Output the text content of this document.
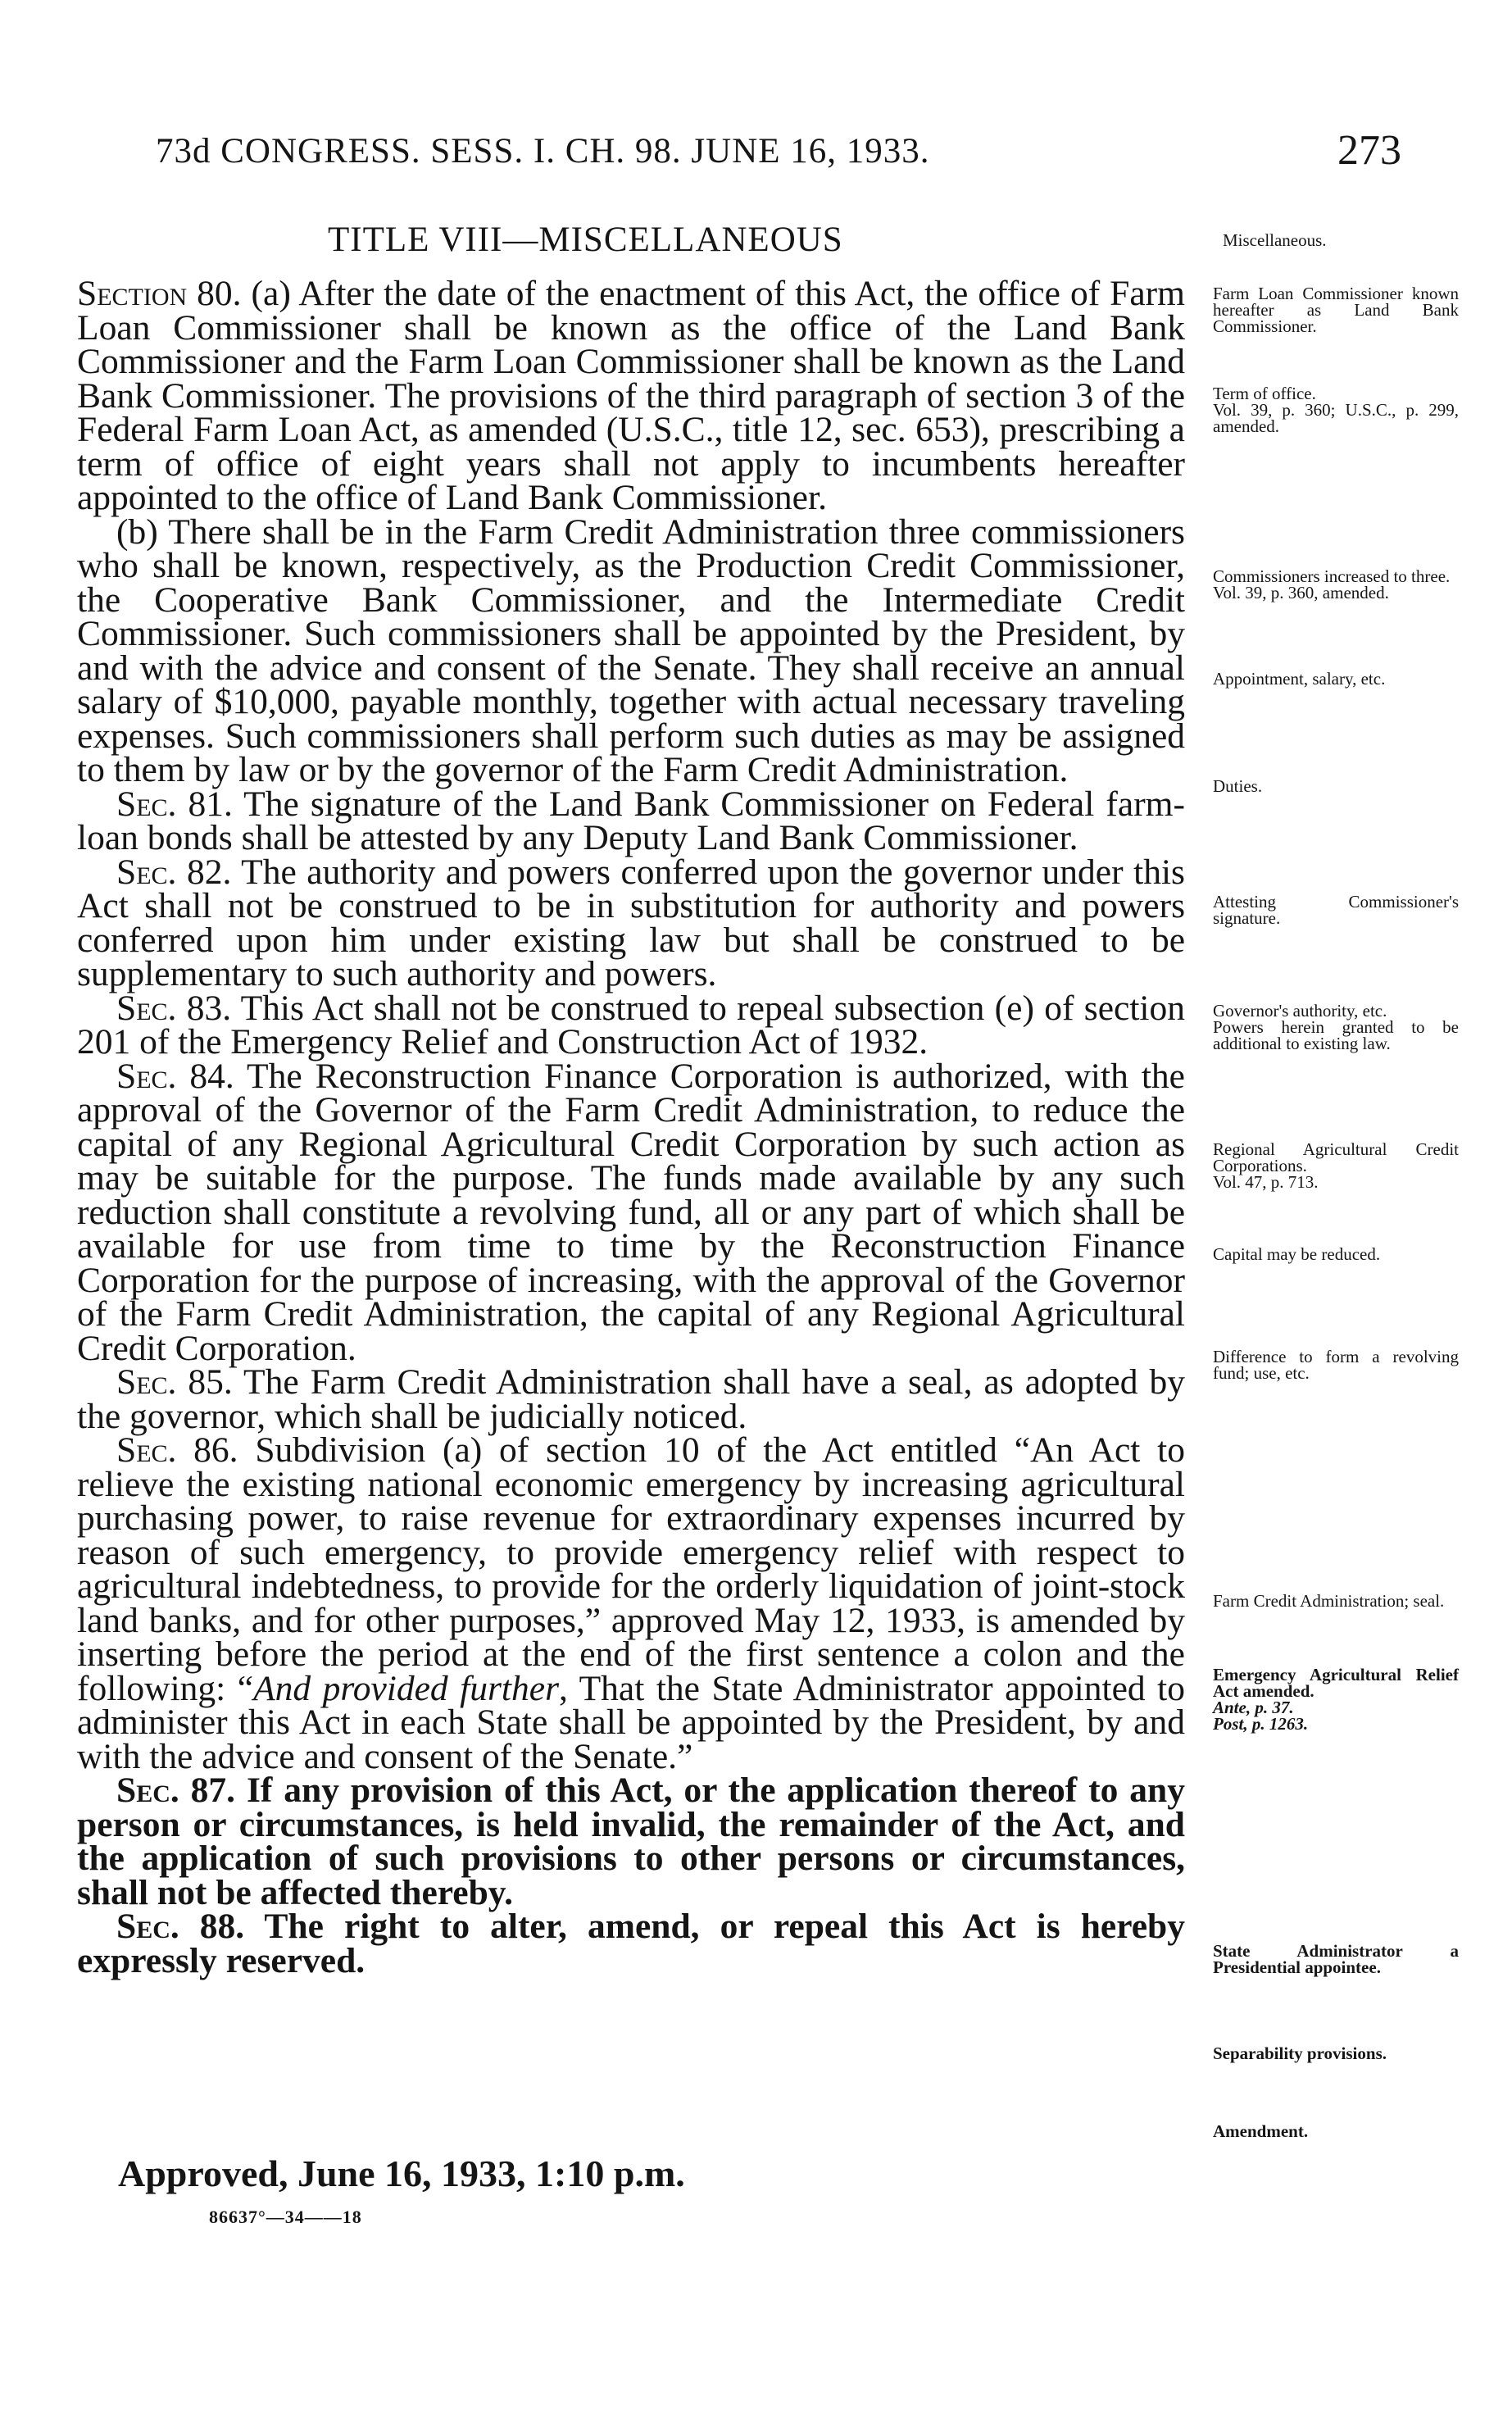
73d CONGRESS. SESS. I. CH. 98. JUNE 16, 1933.	273
TITLE VIII—MISCELLANEOUS	Miscellaneous.

Section 80. (a) After the date of the enactment of this Act, the office of Farm Loan Commissioner shall be known as the office of the Land Bank Commissioner and the Farm Loan Commissioner shall be known as the Land Bank Commissioner. The provisions of the third paragraph of section 3 of the Federal Farm Loan Act, as amended (U.S.C., title 12, sec. 653), prescribing a term of office of eight years shall not apply to incumbents hereafter appointed to the office of Land Bank Commissioner.

(b) There shall be in the Farm Credit Administration three commissioners who shall be known, respectively, as the Production Credit Commissioner, the Cooperative Bank Commissioner, and the Intermediate Credit Commissioner. Such commissioners shall be appointed by the President, by and with the advice and consent of the Senate. They shall receive an annual salary of $10,000, payable monthly, together with actual necessary traveling expenses. Such commissioners shall perform such duties as may be assigned to them by law or by the governor of the Farm Credit Administration.

Sec. 81. The signature of the Land Bank Commissioner on Federal farm-loan bonds shall be attested by any Deputy Land Bank Commissioner.

Sec. 82. The authority and powers conferred upon the governor under this Act shall not be construed to be in substitution for authority and powers conferred upon him under existing law but shall be construed to be supplementary to such authority and powers.

Sec. 83. This Act shall not be construed to repeal subsection (e) of section 201 of the Emergency Relief and Construction Act of 1932.

Sec. 84. The Reconstruction Finance Corporation is authorized, with the approval of the Governor of the Farm Credit Administration, to reduce the capital of any Regional Agricultural Credit Corporation by such action as may be suitable for the purpose. The funds made available by any such reduction shall constitute a revolving fund, all or any part of which shall be available for use from time to time by the Reconstruction Finance Corporation for the purpose of increasing, with the approval of the Governor of the Farm Credit Administration, the capital of any Regional Agricultural Credit Corporation.

Sec. 85. The Farm Credit Administration shall have a seal, as adopted by the governor, which shall be judicially noticed.

Sec. 86. Subdivision (a) of section 10 of the Act entitled “An Act to relieve the existing national economic emergency by increasing agricultural purchasing power, to raise revenue for extraordinary expenses incurred by reason of such emergency, to provide emergency relief with respect to agricultural indebtedness, to provide for the orderly liquidation of joint-stock land banks, and for other purposes,” approved May 12, 1933, is amended by inserting before the period at the end of the first sentence a colon and the following: “And provided further, That the State Administrator appointed to administer this Act in each State shall be appointed by the President, by and with the advice and consent of the Senate.”

Sec. 87. If any provision of this Act, or the application thereof to any person or circumstances, is held invalid, the remainder of the Act, and the application of such provisions to other persons or circumstances, shall not be affected thereby.

Sec. 88. The right to alter, amend, or repeal this Act is hereby expressly reserved.

Farm Loan Commissioner known hereafter as Land Bank Commissioner.
Term of office.
Vol. 39, p. 360; U.S.C., p. 299, amended.
Commissioners increased to three.
Vol. 39, p. 360, amended.
Appointment, salary, etc.
Duties.
Attesting Commissioner's signature.
Governor's authority, etc.
Powers herein granted to be additional to existing law.
Regional Agricultural Credit Corporations.
Vol. 47, p. 713.
Capital may be reduced.
Difference to form a revolving fund; use, etc.
Farm Credit Administration; seal.
Emergency Agricultural Relief Act amended.
Ante, p. 37.
Post, p. 1263.
State Administrator a Presidential appointee.
Separability provisions.
Amendment.
Approved, June 16, 1933, 1:10 p.m.
86637°—34——18
